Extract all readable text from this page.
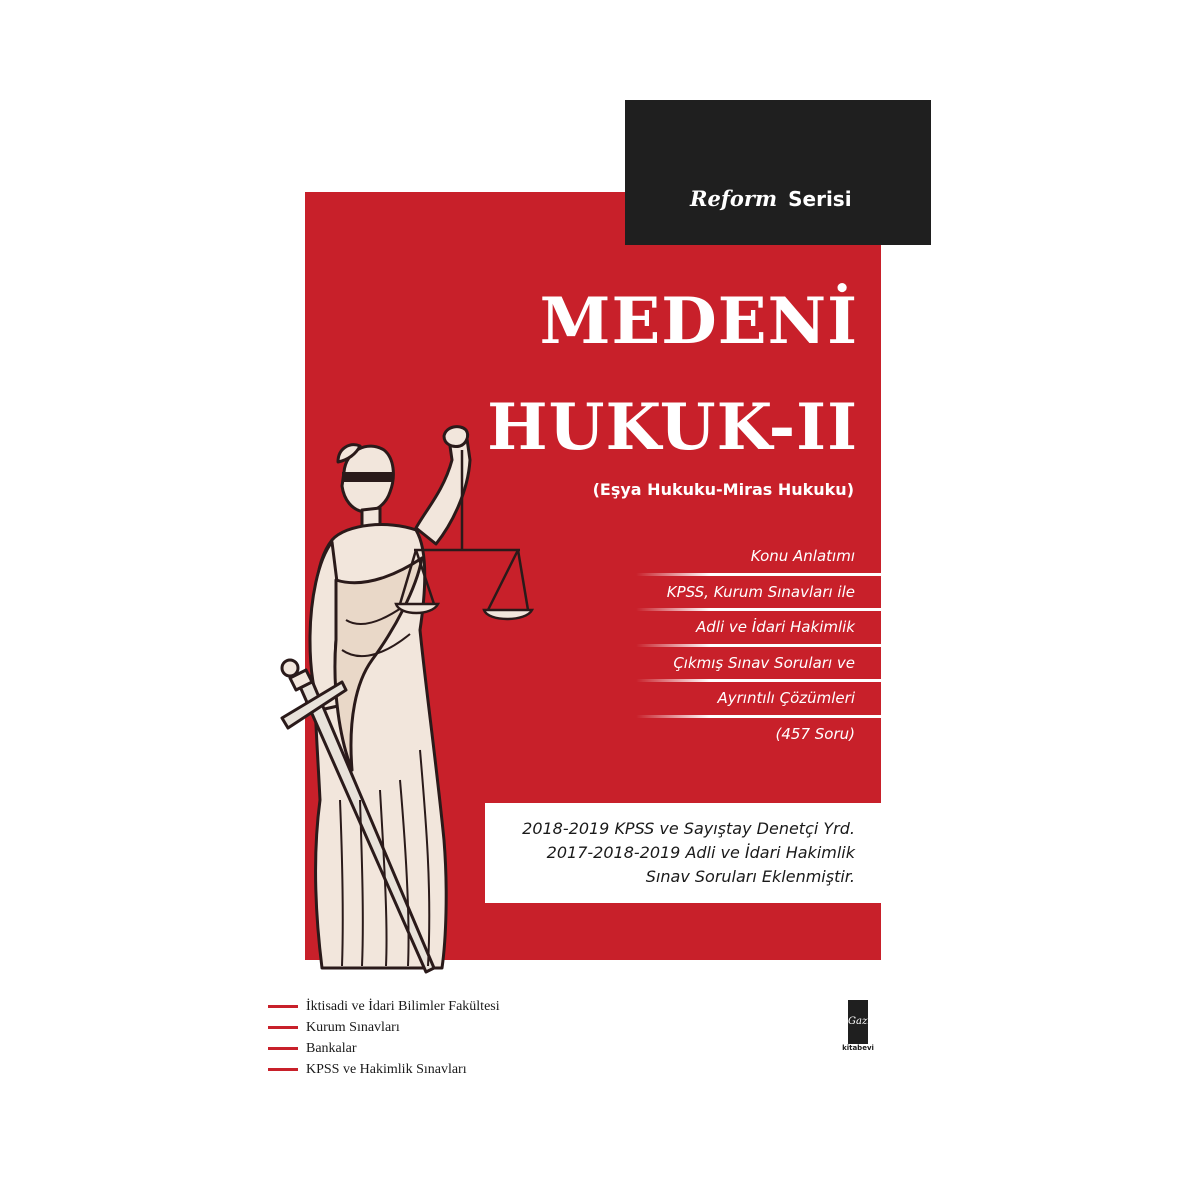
Reform Serisi
MEDENİ
HUKUK-II
(Eşya Hukuku-Miras Hukuku)
Konu Anlatımı
KPSS, Kurum Sınavları ile
Adli ve İdari Hakimlik
Çıkmış Sınav Soruları ve
Ayrıntılı Çözümleri
(457 Soru)
2018-2019 KPSS ve Sayıştay Denetçi Yrd.
2017-2018-2019 Adli ve İdari Hakimlik
Sınav Soruları Eklenmiştir.
İktisadi ve İdari Bilimler Fakültesi
Kurum Sınavları
Bankalar
KPSS ve Hakimlik Sınavları
Gazi
kitabevi
